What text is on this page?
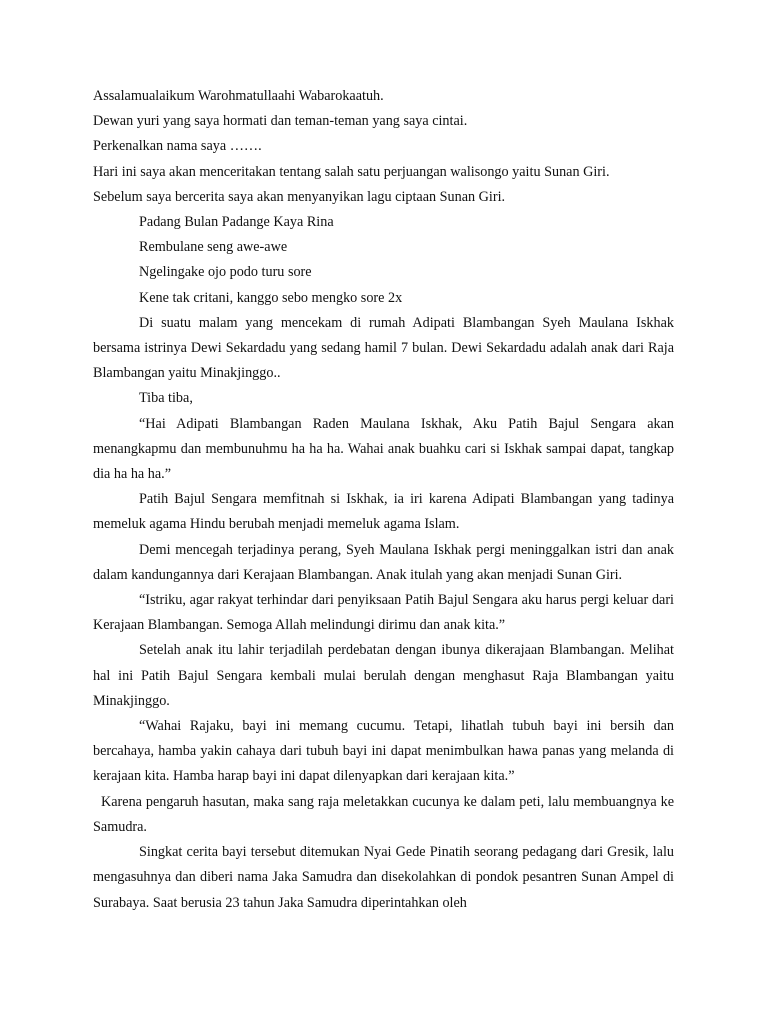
Assalamualaikum Warohmatullaahi Wabarokaatuh.

Dewan yuri yang saya hormati dan teman-teman yang saya cintai.

Perkenalkan nama saya …….

Hari ini saya akan menceritakan tentang salah satu perjuangan walisongo yaitu Sunan Giri.

Sebelum saya bercerita saya akan menyanyikan lagu ciptaan Sunan Giri.

Padang Bulan Padange Kaya Rina

Rembulane seng awe-awe

Ngelingake ojo podo turu sore

Kene tak critani, kanggo sebo mengko sore 2x

Di suatu malam yang mencekam di rumah Adipati Blambangan Syeh Maulana Iskhak bersama istrinya Dewi Sekardadu yang sedang hamil 7 bulan. Dewi Sekardadu adalah anak dari Raja Blambangan yaitu Minakjinggo..

Tiba tiba,

“Hai Adipati Blambangan Raden Maulana Iskhak, Aku Patih Bajul Sengara akan menangkapmu dan membunuhmu ha ha ha. Wahai anak buahku cari si Iskhak sampai dapat, tangkap dia ha ha ha.”

Patih Bajul Sengara memfitnah si Iskhak, ia iri karena Adipati Blambangan yang tadinya memeluk agama Hindu berubah menjadi memeluk agama Islam.

Demi mencegah terjadinya perang, Syeh Maulana Iskhak pergi meninggalkan istri dan anak dalam kandungannya dari Kerajaan Blambangan. Anak itulah yang akan menjadi Sunan Giri.

“Istriku, agar rakyat terhindar dari penyiksaan Patih Bajul Sengara aku harus pergi keluar dari Kerajaan Blambangan. Semoga Allah melindungi dirimu dan anak kita.”

Setelah anak itu lahir terjadilah perdebatan dengan ibunya dikerajaan Blambangan. Melihat hal ini Patih Bajul Sengara kembali mulai berulah dengan menghasut Raja Blambangan yaitu Minakjinggo.

“Wahai Rajaku, bayi ini memang cucumu. Tetapi, lihatlah tubuh bayi ini bersih dan bercahaya, hamba yakin cahaya dari tubuh bayi ini dapat menimbulkan hawa panas yang melanda di kerajaan kita. Hamba harap bayi ini dapat dilenyapkan dari kerajaan kita.”

Karena pengaruh hasutan, maka sang raja meletakkan cucunya ke dalam peti, lalu membuangnya ke Samudra.

Singkat cerita bayi tersebut ditemukan Nyai Gede Pinatih seorang pedagang dari Gresik, lalu mengasuhnya dan diberi nama Jaka Samudra dan disekolahkan di pondok pesantren Sunan Ampel di Surabaya. Saat berusia 23 tahun Jaka Samudra diperintahkan oleh
